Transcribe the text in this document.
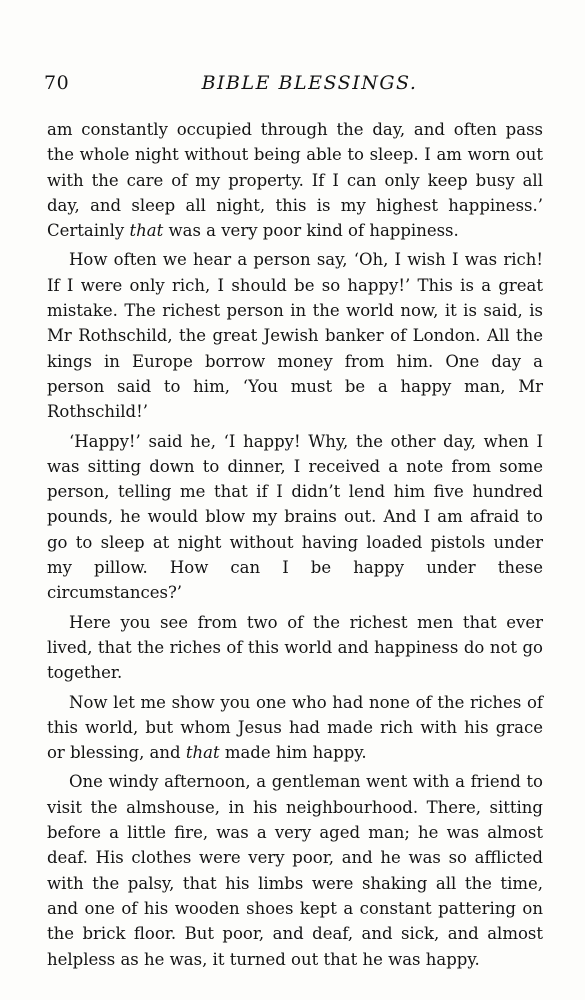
70	BIBLE BLESSINGS.

am constantly occupied through the day, and often pass the whole night without being able to sleep. I am worn out with the care of my property. If I can only keep busy all day, and sleep all night, this is my highest happiness.’ Certainly that was a very poor kind of happiness.

How often we hear a person say, ‘Oh, I wish I was rich! If I were only rich, I should be so happy!’ This is a great mistake. The richest person in the world now, it is said, is Mr Rothschild, the great Jewish banker of London. All the kings in Europe borrow money from him. One day a person said to him, ‘You must be a happy man, Mr Rothschild!’

‘Happy!’ said he, ‘I happy! Why, the other day, when I was sitting down to dinner, I received a note from some person, telling me that if I didn’t lend him five hundred pounds, he would blow my brains out. And I am afraid to go to sleep at night without having loaded pistols under my pillow. How can I be happy under these circumstances?’

Here you see from two of the richest men that ever lived, that the riches of this world and happiness do not go together.

Now let me show you one who had none of the riches of this world, but whom Jesus had made rich with his grace or blessing, and that made him happy.

One windy afternoon, a gentleman went with a friend to visit the almshouse, in his neighbourhood. There, sitting before a little fire, was a very aged man; he was almost deaf. His clothes were very poor, and he was so afflicted with the palsy, that his limbs were shaking all the time, and one of his wooden shoes kept a constant pattering on the brick floor. But poor, and deaf, and sick, and almost helpless as he was, it turned out that he was happy.
